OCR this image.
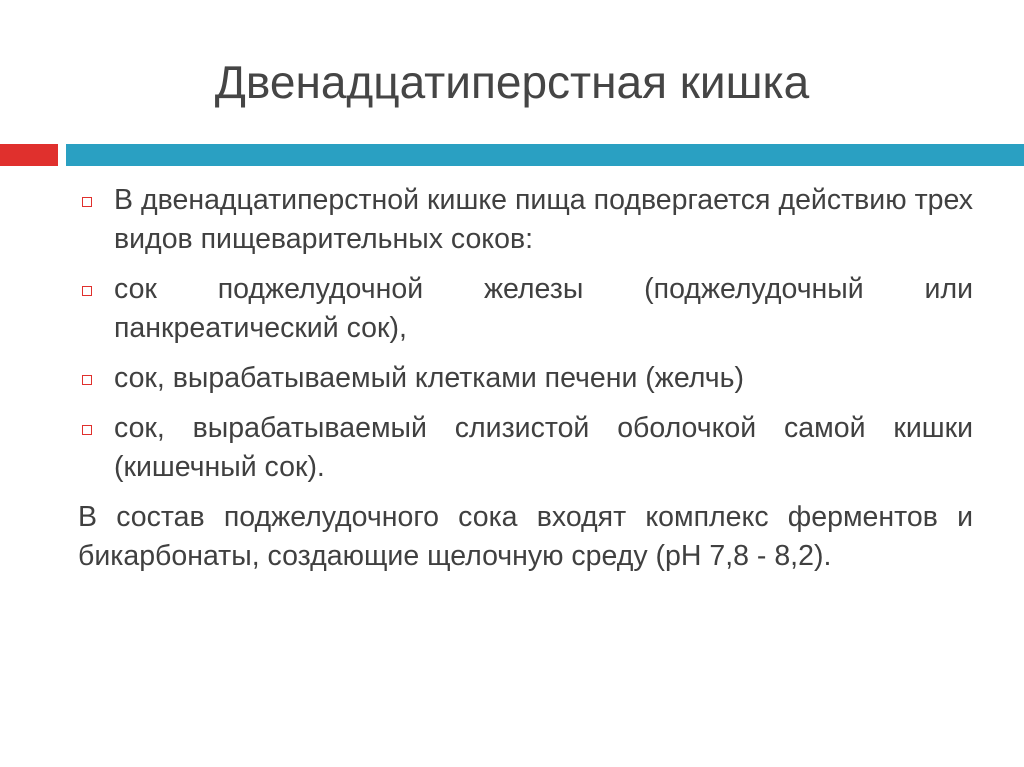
Двенадцатиперстная кишка
В двенадцатиперстной кишке пища подвергается действию трех видов пищеварительных соков:
сок поджелудочной железы (поджелудочный или панкреатический сок),
сок, вырабатываемый клетками печени (желчь)
сок, вырабатываемый слизистой оболочкой самой кишки (кишечный сок).
В состав поджелудочного сока входят комплекс ферментов и бикарбонаты, создающие щелочную среду (pH 7,8 - 8,2).
